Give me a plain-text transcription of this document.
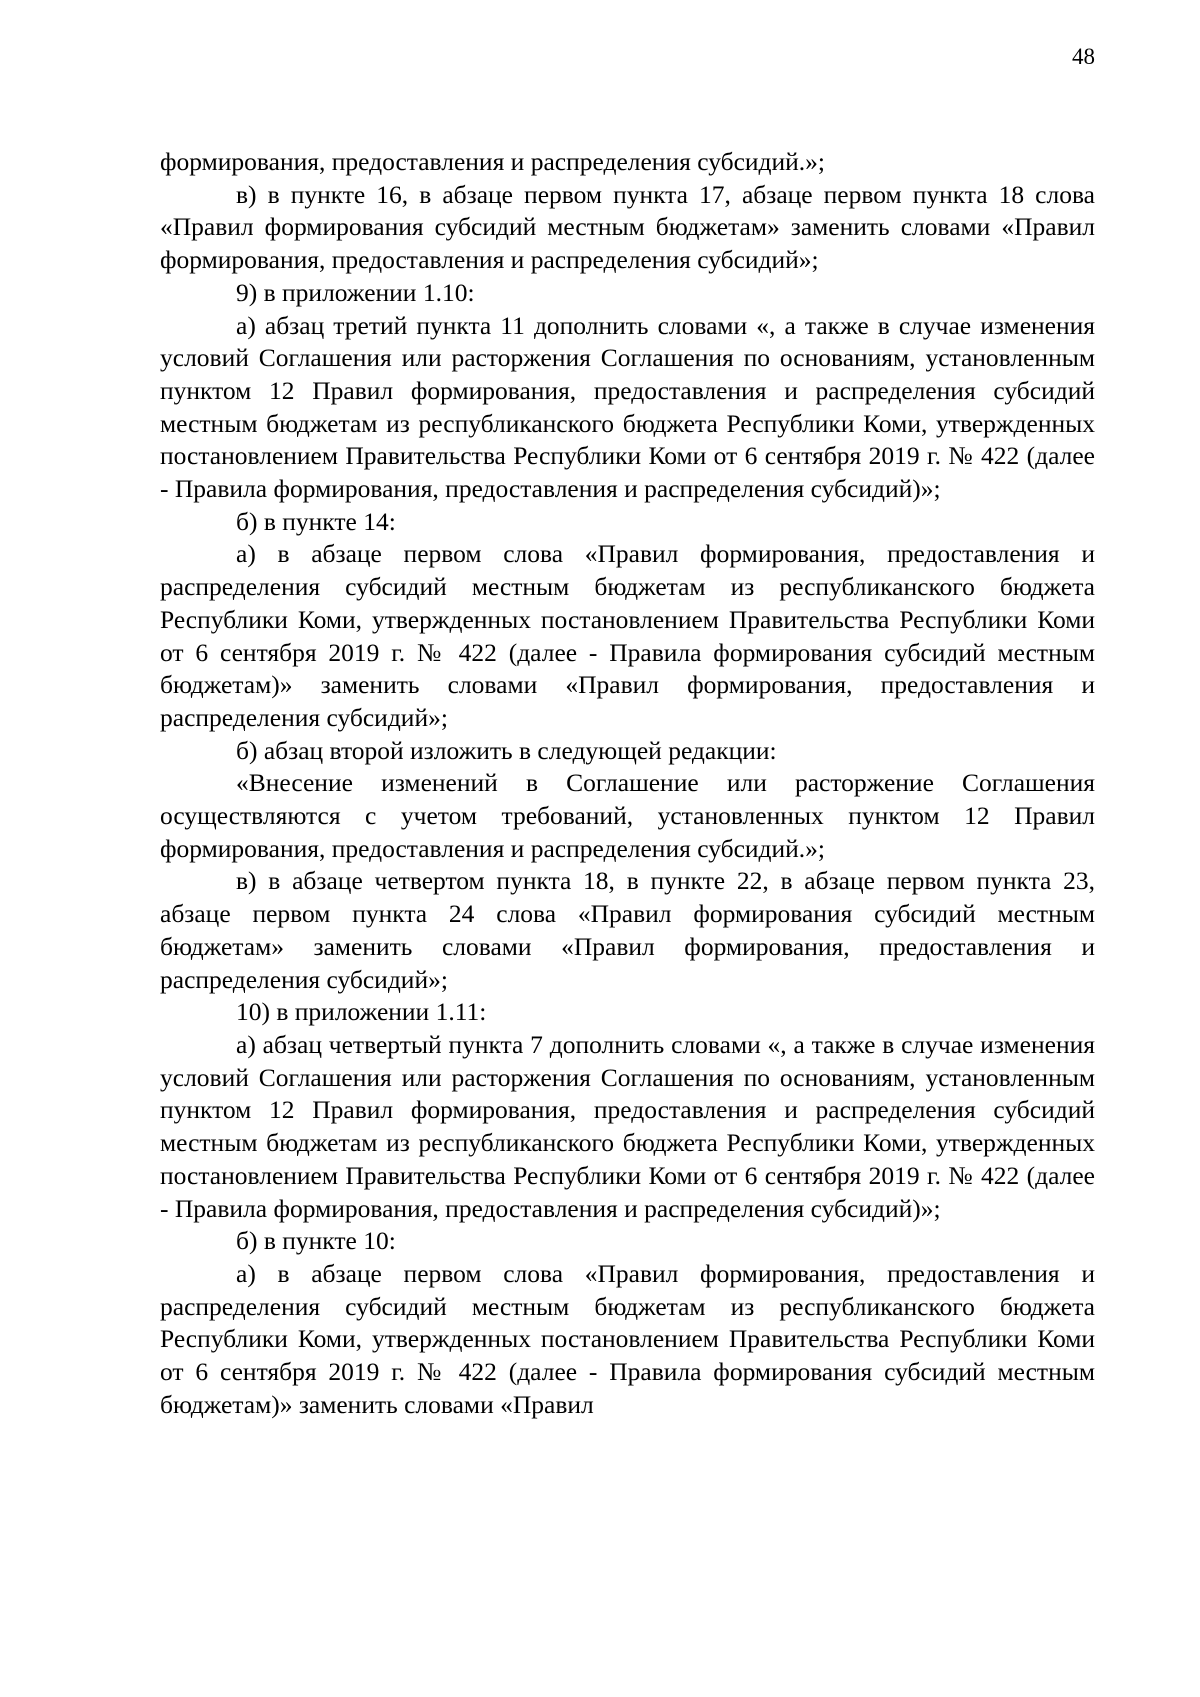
48

формирования, предоставления и распределения субсидий.»;

в) в пункте 16, в абзаце первом пункта 17, абзаце первом пункта 18 слова «Правил формирования субсидий местным бюджетам» заменить словами «Правил формирования, предоставления и распределения субсидий»;

9) в приложении 1.10:

а) абзац третий пункта 11 дополнить словами «, а также в случае изменения условий Соглашения или расторжения Соглашения по основаниям, установленным пунктом 12 Правил формирования, предоставления и распределения субсидий местным бюджетам из республиканского бюджета Республики Коми, утвержденных постановлением Правительства Республики Коми от 6 сентября 2019 г. № 422 (далее - Правила формирования, предоставления и распределения субсидий)»;

б) в пункте 14:

а) в абзаце первом слова «Правил формирования, предоставления и распределения субсидий местным бюджетам из республиканского бюджета Республики Коми, утвержденных постановлением Правительства Республики Коми от 6 сентября 2019 г. № 422 (далее - Правила формирования субсидий местным бюджетам)» заменить словами «Правил формирования, предоставления и распределения субсидий»;

б) абзац второй изложить в следующей редакции:

«Внесение изменений в Соглашение или расторжение Соглашения осуществляются с учетом требований, установленных пунктом 12 Правил формирования, предоставления и распределения субсидий.»;

в) в абзаце четвертом пункта 18, в пункте 22, в абзаце первом пункта 23, абзаце первом пункта 24 слова «Правил формирования субсидий местным бюджетам» заменить словами «Правил формирования, предоставления и распределения субсидий»;

10) в приложении 1.11:

а) абзац четвертый пункта 7 дополнить словами «, а также в случае изменения условий Соглашения или расторжения Соглашения по основаниям, установленным пунктом 12 Правил формирования, предоставления и распределения субсидий местным бюджетам из республиканского бюджета Республики Коми, утвержденных постановлением Правительства Республики Коми от 6 сентября 2019 г. № 422 (далее - Правила формирования, предоставления и распределения субсидий)»;

б) в пункте 10:

а) в абзаце первом слова «Правил формирования, предоставления и распределения субсидий местным бюджетам из республиканского бюджета Республики Коми, утвержденных постановлением Правительства Республики Коми от 6 сентября 2019 г. № 422 (далее - Правила формирования субсидий местным бюджетам)» заменить словами «Правил
